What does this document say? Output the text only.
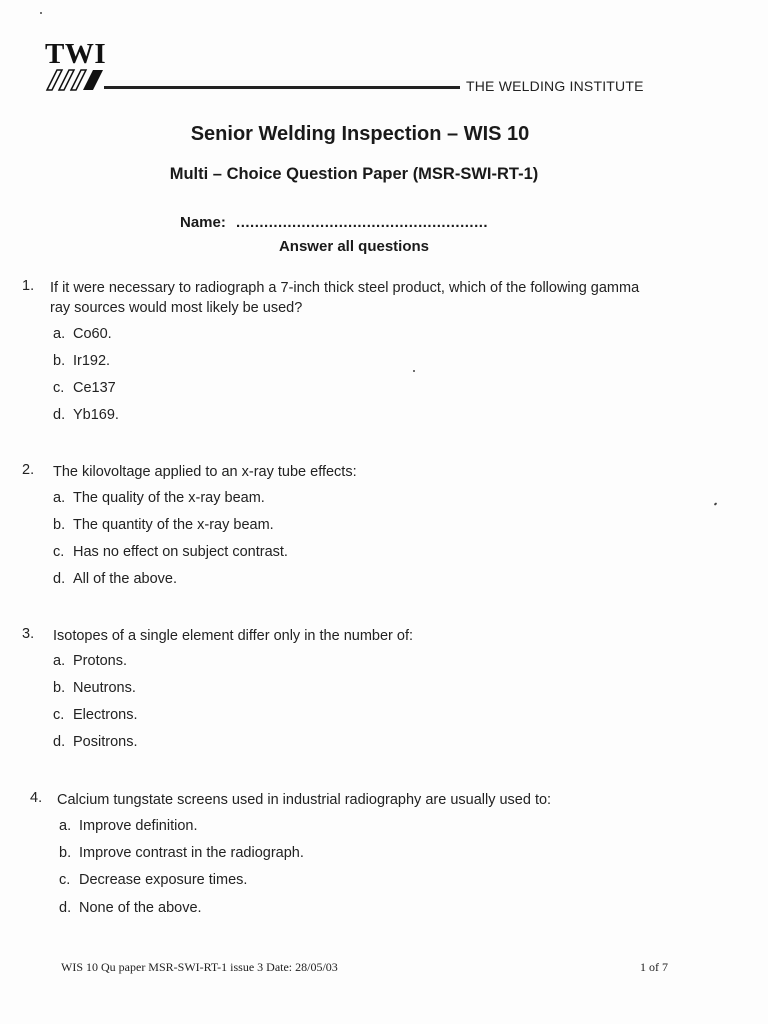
TWI
THE WELDING INSTITUTE
Senior Welding Inspection – WIS 10
Multi – Choice Question Paper (MSR-SWI-RT-1)
Name: ......................................................
Answer all questions
1. If it were necessary to radiograph a 7-inch thick steel product, which of the following gamma ray sources would most likely be used?
a. Co60.
b. Ir192.
c. Ce137
d. Yb169.
2. The kilovoltage applied to an x-ray tube effects:
a. The quality of the x-ray beam.
b. The quantity of the x-ray beam.
c. Has no effect on subject contrast.
d. All of the above.
3. Isotopes of a single element differ only in the number of:
a. Protons.
b. Neutrons.
c. Electrons.
d. Positrons.
4. Calcium tungstate screens used in industrial radiography are usually used to:
a. Improve definition.
b. Improve contrast in the radiograph.
c. Decrease exposure times.
d. None of the above.
WIS 10 Qu paper MSR-SWI-RT-1 issue 3 Date: 28/05/03	1 of 7
